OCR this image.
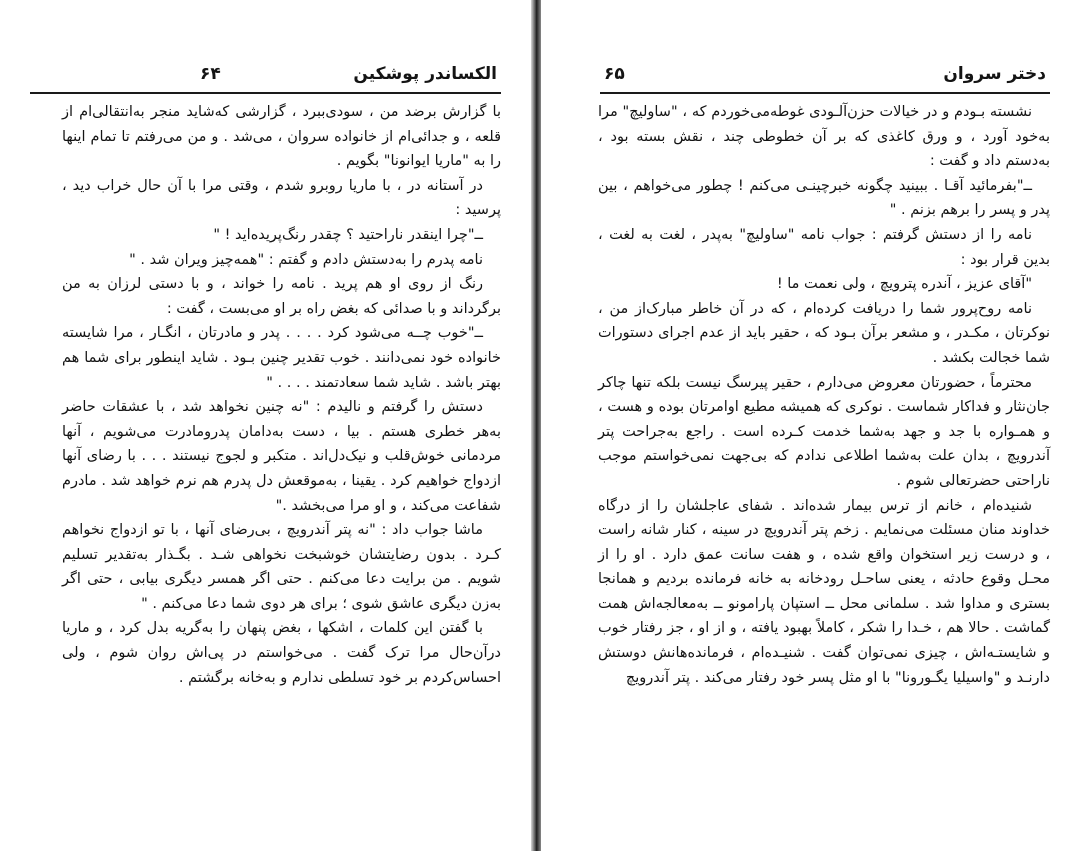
الکساندر پوشکین
۶۴

با گزارش برضد من ، سودی‌ببرد ، گزارشی که‌شاید منجر به‌انتقالی‌ام از قلعه ، و جدائی‌ام از خانواده سروان ، می‌شد . و من می‌رفتم تا تمام اینها را به "ماریا ایوانونا" بگویم .

در آستانه در ، با ماریا روبرو شدم ، وقتی مرا با آن حال خراب دید ، پرسید :

ــ"چرا اینقدر ناراحتید ؟ چقدر رنگ‌پریده‌اید ! "

نامه پدرم را به‌دستش دادم و گفتم : "همه‌چیز ویران شد . "

رنگ از روی او هم پرید . نامه را خواند ، و با دستی لرزان به من برگرداند و با صدائی که بغض راه بر او می‌بست ، گفت :

ــ"خوب چــه می‌شود کرد . . . . پدر و مادرتان ، انگـار ، مرا شایسته خانواده خود نمی‌دانند . خوب تقدیر چنین بـود . شاید اینطور برای شما هم بهتر باشد . شاید شما سعادتمند . . . . "

دستش را گرفتم و نالیدم : "نه چنین نخواهد شد ، با عشقات حاضر به‌هر خطری هستم . بیا ، دست به‌دامان پدرومادرت می‌شویم ، آنها مردمانی خوش‌قلب و نیک‌دل‌اند . متکبر و لجوج نیستند . . . با رضای آنها ازدواج خواهیم کرد . یقینا ، به‌موقعش دل پدرم هم نرم خواهد شد . مادرم شفاعت می‌کند ، و او مرا می‌بخشد ."

ماشا جواب داد : "نه پتر آندرویچ ، بی‌رضای آنها ، با تو ازدواج نخواهم کـرد . بدون رضایتشان خوشبخت نخواهی شـد . بگـذار به‌تقدیر تسلیم شویم . من برایت دعا می‌کنم . حتی اگر همسر دیگری بیابی ، حتی اگر به‌زن دیگری عاشق شوی ؛ برای هر دوی شما دعا می‌کنم . "

با گفتن این کلمات ، اشکها ، بغض پنهان را به‌گریه بدل کرد ، و ماریا درآن‌حال مرا ترک گفت . می‌خواستم در پی‌اش روان شوم ، ولی احساس‌کردم بر خود تسلطی ندارم و به‌خانه برگشتم .

دختر سروان
۶۵

نشسته بـودم و در خیالات حزن‌آلـودی غوطه‌می‌خوردم که ، "ساولیچ" مرا به‌خود آورد ، و ورق کاغذی که بر آن خطوطی چند ، نقش بسته بود ، به‌دستم داد و گفت :

ــ"بفرمائید آقـا . ببینید چگونه خبرچینـی می‌کنم ! چطور می‌خواهم ، بین پدر و پسر را برهم بزنم . "

نامه را از دستش گرفتم : جواب نامه "ساولیچ" به‌پدر ، لغت به لغت ، بدین قرار بود :

"آقای عزیز ، آندره پترویچ ، ولی نعمت ما !

نامه روح‌پرور شما را دریافت کرده‌ام ، که در آن خاطر مبارک‌از من ، نوکرتان ، مکـدر ، و مشعر برآن بـود که ، حقیر باید از عدم اجرای دستورات شما خجالت بکشد .

محترماً ، حضورتان معروض می‌دارم ، حقیر پیرسگ نیست بلکه تنها چاکر جان‌نثار و فداکار شماست . نوکری که همیشه مطیع اوامرتان بوده و هست ، و همـواره با جد و جهد به‌شما خدمت کـرده است . راجع به‌جراحت پتر آندرویچ ، بدان علت به‌شما اطلاعی ندادم که بی‌جهت نمی‌خواستم موجب ناراحتی حضرتعالی شوم .

شنیده‌ام ، خانم از ترس بیمار شده‌اند . شفای عاجلشان را از درگاه خداوند منان مسئلت می‌نمایم . زخم پتر آندرویچ در سینه ، کنار شانه راست ، و درست زیر استخوان واقع شده ، و هفت سانت عمق دارد . او را از محـل وقوع حادثه ، یعنی ساحـل رودخانه به خانه فرمانده بردیم و همانجا بستری و مداوا شد . سلمانی محل ــ استپان پارامونو ــ به‌معالجه‌اش همت گماشت . حالا هم ، خـدا را شکر ، کاملاً بهبود یافته ، و از او ، جز رفتار خوب و شایستـه‌اش ، چیزی نمی‌توان گفت . شنیـده‌ام ، فرمانده‌هانش دوستش دارنـد و "واسیلیا یگـورونا" با او مثل پسر خود رفتار می‌کند . پتر آندرویچ
